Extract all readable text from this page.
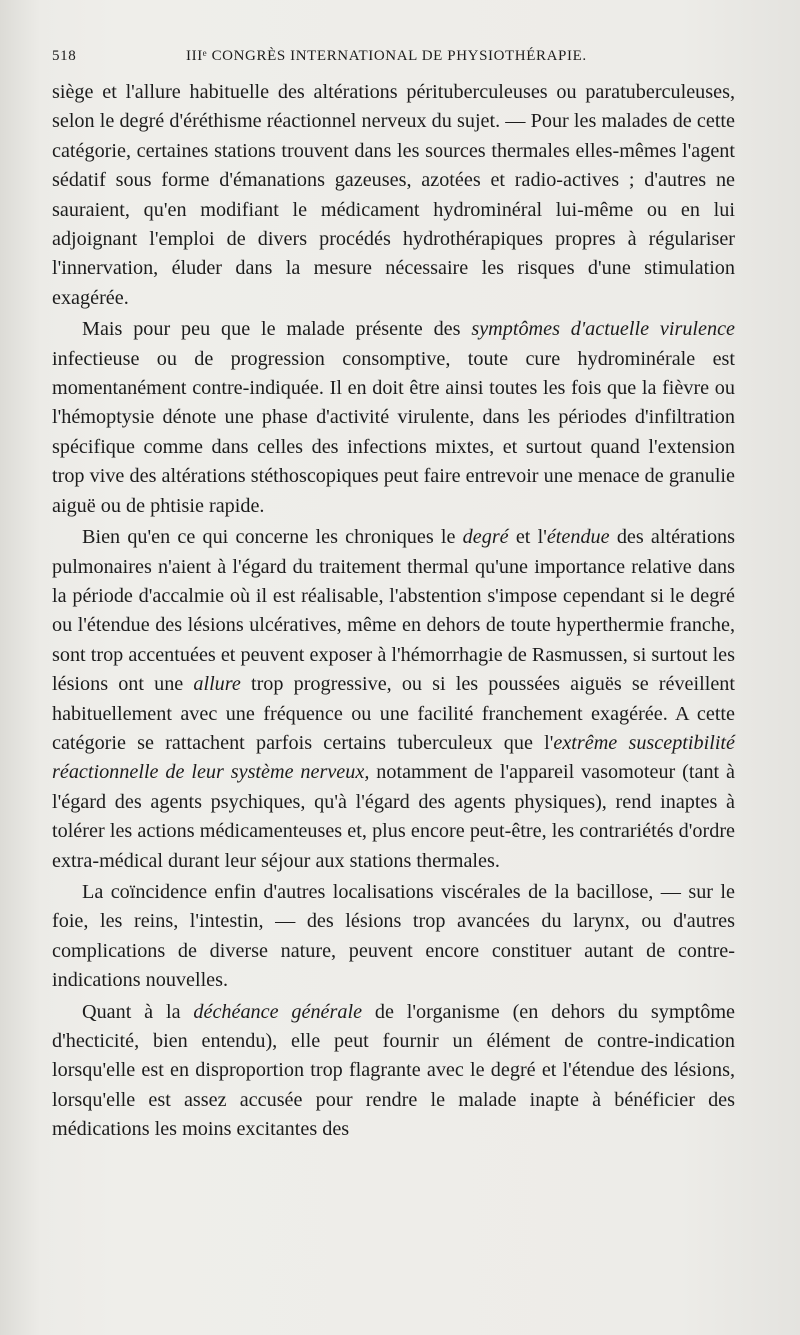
518	IIIᵉ CONGRÈS INTERNATIONAL DE PHYSIOTHÉRAPIE.

siège et l'allure habituelle des altérations pérituberculeuses ou paratuberculeuses, selon le degré d'éréthisme réactionnel nerveux du sujet. — Pour les malades de cette catégorie, certaines stations trouvent dans les sources thermales elles-mêmes l'agent sédatif sous forme d'émanations gazeuses, azotées et radio-actives ; d'autres ne sauraient, qu'en modifiant le médicament hydrominéral lui-même ou en lui adjoignant l'emploi de divers procédés hydrothérapiques propres à régulariser l'innervation, éluder dans la mesure nécessaire les risques d'une stimulation exagérée.

Mais pour peu que le malade présente des symptômes d'actuelle virulence infectieuse ou de progression consomptive, toute cure hydrominérale est momentanément contre-indiquée. Il en doit être ainsi toutes les fois que la fièvre ou l'hémoptysie dénote une phase d'activité virulente, dans les périodes d'infiltration spécifique comme dans celles des infections mixtes, et surtout quand l'extension trop vive des altérations stéthoscopiques peut faire entrevoir une menace de granulie aiguë ou de phtisie rapide.

Bien qu'en ce qui concerne les chroniques le degré et l'étendue des altérations pulmonaires n'aient à l'égard du traitement thermal qu'une importance relative dans la période d'accalmie où il est réalisable, l'abstention s'impose cependant si le degré ou l'étendue des lésions ulcératives, même en dehors de toute hyperthermie franche, sont trop accentuées et peuvent exposer à l'hémorrhagie de Rasmussen, si surtout les lésions ont une allure trop progressive, ou si les poussées aiguës se réveillent habituellement avec une fréquence ou une facilité franchement exagérée. A cette catégorie se rattachent parfois certains tuberculeux que l'extrême susceptibilité réactionnelle de leur système nerveux, notamment de l'appareil vasomoteur (tant à l'égard des agents psychiques, qu'à l'égard des agents physiques), rend inaptes à tolérer les actions médicamenteuses et, plus encore peut-être, les contrariétés d'ordre extra-médical durant leur séjour aux stations thermales.

La coïncidence enfin d'autres localisations viscérales de la bacillose, — sur le foie, les reins, l'intestin, — des lésions trop avancées du larynx, ou d'autres complications de diverse nature, peuvent encore constituer autant de contre-indications nouvelles.

Quant à la déchéance générale de l'organisme (en dehors du symptôme d'hecticité, bien entendu), elle peut fournir un élément de contre-indication lorsqu'elle est en disproportion trop flagrante avec le degré et l'étendue des lésions, lorsqu'elle est assez accusée pour rendre le malade inapte à bénéficier des médications les moins excitantes des
